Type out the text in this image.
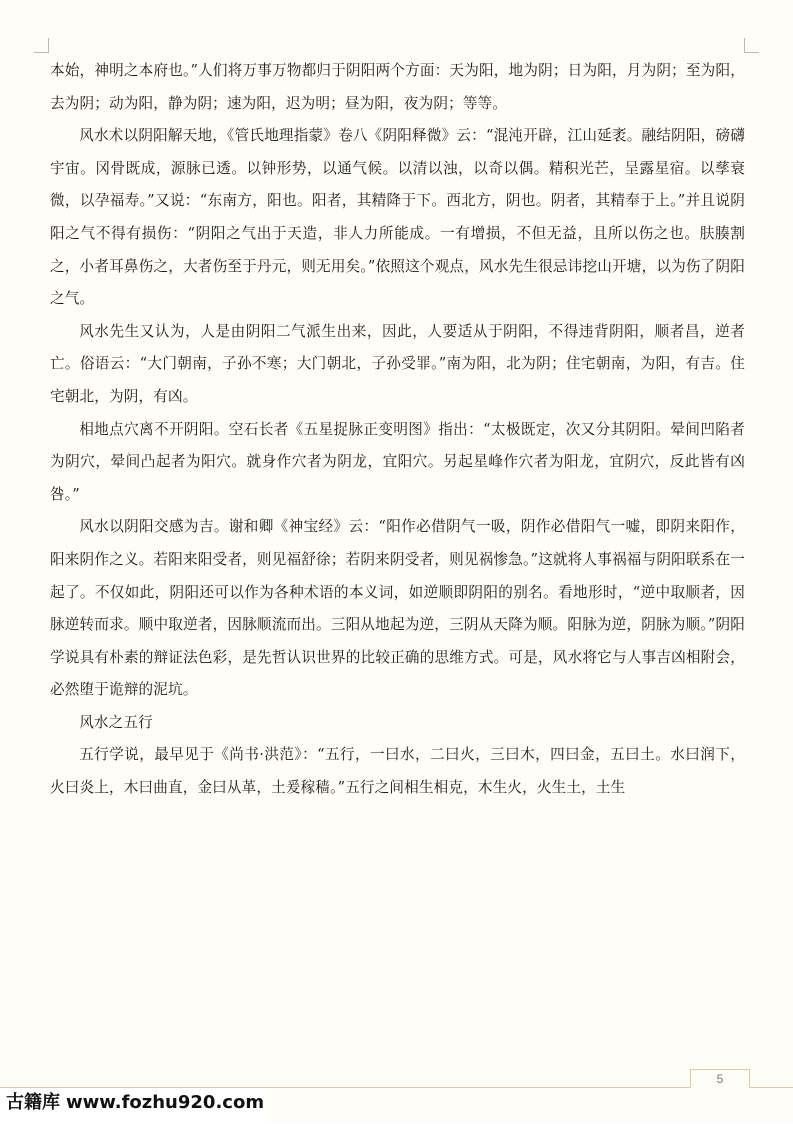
本始，神明之本府也。”人们将万事万物都归于阴阳两个方面：天为阳，地为阴；日为阳，月为阴；至为阳，去为阴；动为阳，静为阴；速为阳，迟为明；昼为阳，夜为阴；等等。

风水术以阴阳解天地，《管氏地理指蒙》卷八《阴阳释微》云：“混沌开辟，江山延袤。融结阴阳，磅礴宇宙。冈骨既成，源脉已透。以钟形势，以通气候。以清以浊，以奇以偶。精积光芒，呈露星宿。以孳衰微，以孕福寿。”又说：“东南方，阳也。阳者，其精降于下。西北方，阴也。阴者，其精奉于上。”并且说阴阳之气不得有损伤：“阴阳之气出于天造，非人力所能成。一有增损，不但无益，且所以伤之也。肤腠割之，小者耳鼻伤之，大者伤至于丹元，则无用矣。”依照这个观点，风水先生很忌讳挖山开塘，以为伤了阴阳之气。

风水先生又认为，人是由阴阳二气派生出来，因此，人要适从于阴阳，不得违背阴阳，顺者昌，逆者亡。俗语云：“大门朝南，子孙不寒；大门朝北，子孙受罪。”南为阳，北为阴；住宅朝南，为阳，有吉。住宅朝北，为阴，有凶。

相地点穴离不开阴阳。空石长者《五星捉脉正变明图》指出：“太极既定，次又分其阴阳。晕间凹陷者为阴穴，晕间凸起者为阳穴。就身作穴者为阴龙，宜阳穴。另起星峰作穴者为阳龙，宜阴穴，反此皆有凶咎。”

风水以阴阳交感为吉。谢和卿《神宝经》云：“阳作必借阴气一吸，阴作必借阳气一嘘，即阴来阳作，阳来阴作之义。若阳来阳受者，则见福舒徐；若阴来阴受者，则见祸惨急。”这就将人事祸福与阴阳联系在一起了。不仅如此，阴阳还可以作为各种术语的本义词，如逆顺即阴阳的别名。看地形时，“逆中取顺者，因脉逆转而求。顺中取逆者，因脉顺流而出。三阳从地起为逆，三阴从天降为顺。阳脉为逆，阴脉为顺。”阴阳学说具有朴素的辩证法色彩，是先哲认识世界的比较正确的思维方式。可是，风水将它与人事吉凶相附会，必然堕于诡辩的泥坑。

风水之五行

五行学说，最早见于《尚书·洪范》：“五行，一曰水，二曰火，三曰木，四曰金，五曰土。水曰润下，火曰炎上，木曰曲直，金曰从革，土爰稼穑。”五行之间相生相克，木生火，火生土，土生

5
古籍库 www.fozhu920.com
